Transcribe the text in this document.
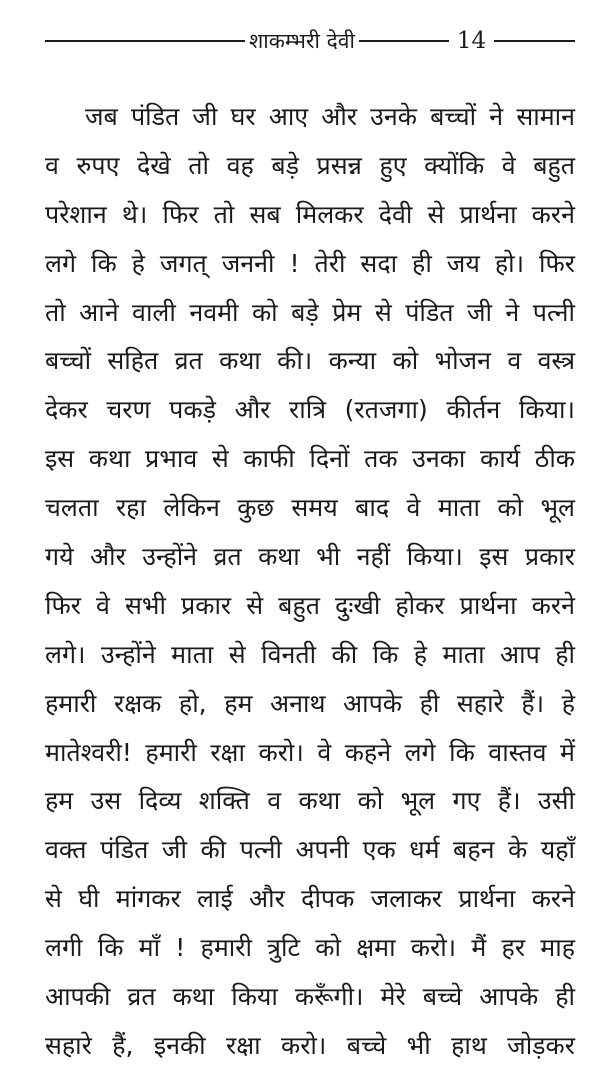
शाकम्भरी देवी	14
जब पंडित जी घर आए और उनके बच्चों ने सामान
व रुपए देखे तो वह बड़े प्रसन्न हुए क्योंकि वे बहुत
परेशान थे। फिर तो सब मिलकर देवी से प्रार्थना करने
लगे कि हे जगत् जननी ! तेरी सदा ही जय हो। फिर
तो आने वाली नवमी को बड़े प्रेम से पंडित जी ने पत्नी
बच्चों सहित व्रत कथा की। कन्या को भोजन व वस्त्र
देकर चरण पकड़े और रात्रि (रतजगा) कीर्तन किया।
इस कथा प्रभाव से काफी दिनों तक उनका कार्य ठीक
चलता रहा लेकिन कुछ समय बाद वे माता को भूल
गये और उन्होंने व्रत कथा भी नहीं किया। इस प्रकार
फिर वे सभी प्रकार से बहुत दुःखी होकर प्रार्थना करने
लगे। उन्होंने माता से विनती की कि हे माता आप ही
हमारी रक्षक हो, हम अनाथ आपके ही सहारे हैं। हे
मातेश्वरी! हमारी रक्षा करो। वे कहने लगे कि वास्तव में
हम उस दिव्य शक्ति व कथा को भूल गए हैं। उसी
वक्त पंडित जी की पत्नी अपनी एक धर्म बहन के यहाँ
से घी मांगकर लाई और दीपक जलाकर प्रार्थना करने
लगी कि माँ ! हमारी त्रुटि को क्षमा करो। मैं हर माह
आपकी व्रत कथा किया करूँगी। मेरे बच्चे आपके ही
सहारे हैं, इनकी रक्षा करो। बच्चे भी हाथ जोड़कर
